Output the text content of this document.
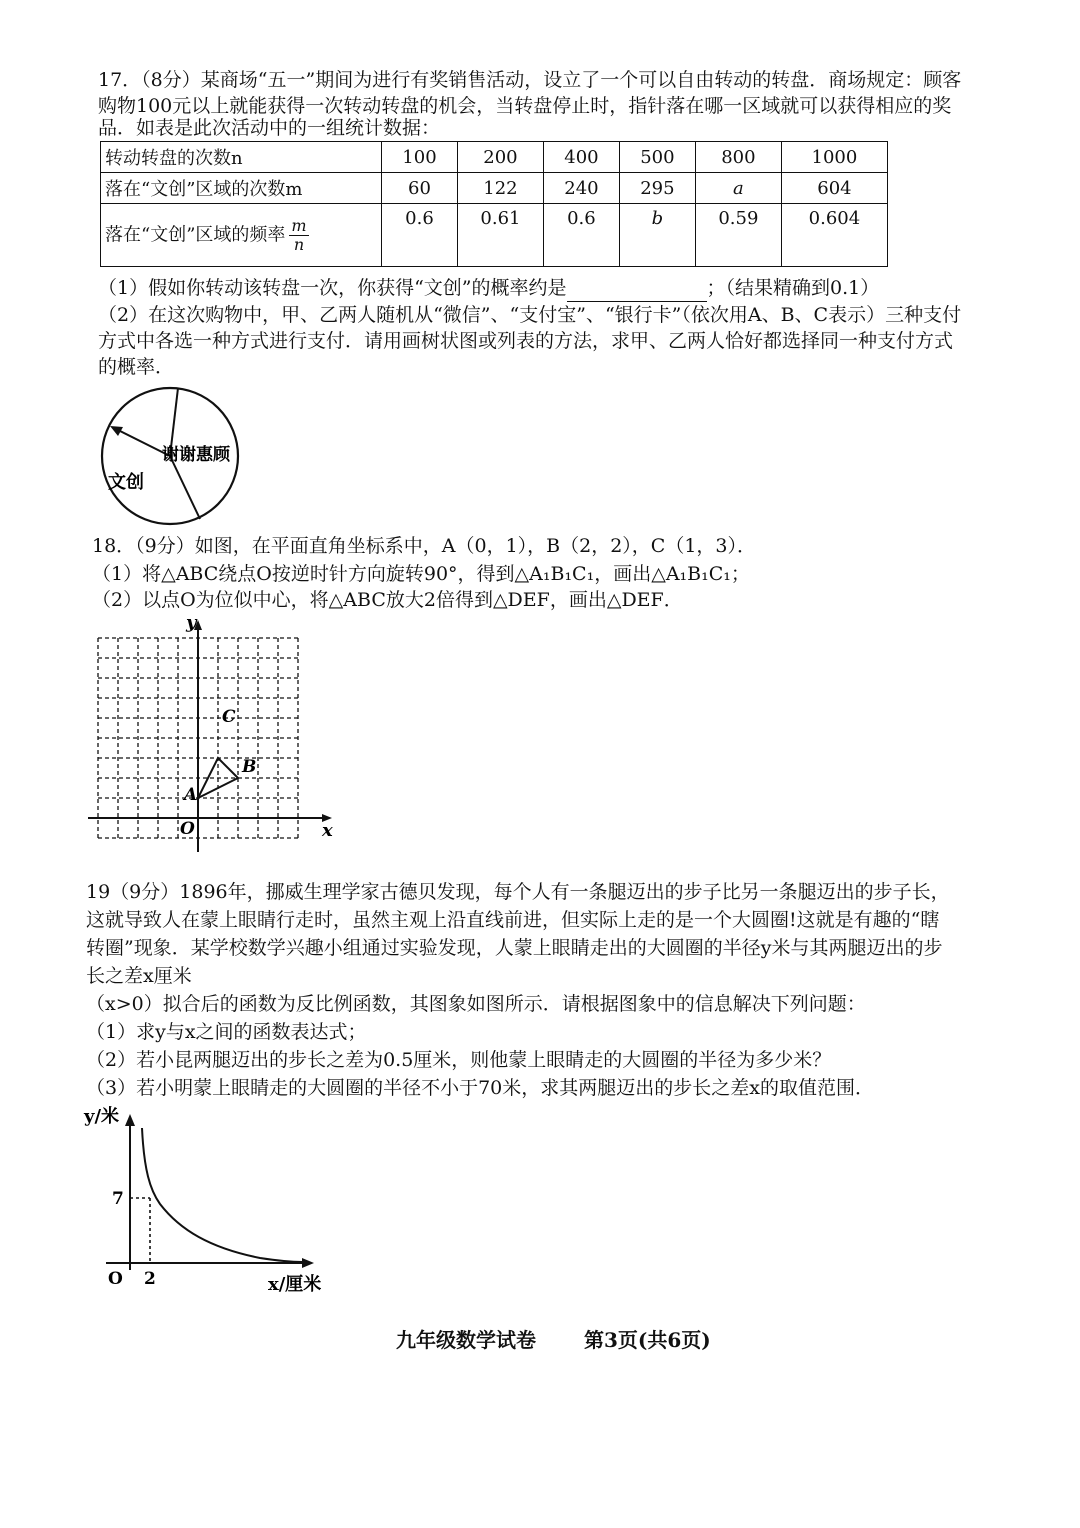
17．（8分）某商场“五一”期间为进行有奖销售活动，设立了一个可以自由转动的转盘．商场规定：顾客
购物100元以上就能获得一次转动转盘的机会，当转盘停止时，指针落在哪一区域就可以获得相应的奖
品．如表是此次活动中的一组统计数据：
转动转盘的次数n	100	200	400	500	800	1000
落在“文创”区域的次数m	60	122	240	295	a	604
落在“文创”区域的频率 $\frac{m}{n}$	0.6	0.61	0.6	b	0.59	0.604
（1）假如你转动该转盘一次，你获得“文创”的概率约是	；（结果精确到0.1）
（2）在这次购物中，甲、乙两人随机从“微信”、“支付宝”、“银行卡”（依次用A、B、C表示）三种支付
方式中各选一种方式进行支付．请用画树状图或列表的方法，求甲、乙两人恰好都选择同一种支付方式
的概率．
谢谢惠顾
文创
18．（9分）如图，在平面直角坐标系中，A（0，1），B（2，2），C（1，3）．
（1）将△ABC绕点O按逆时针方向旋转90°，得到△A₁B₁C₁，画出△A₁B₁C₁；
（2）以点O为位似中心，将△ABC放大2倍得到△DEF，画出△DEF．
y
x
O
A
B
C
19（9分）1896年，挪威生理学家古德贝发现，每个人有一条腿迈出的步子比另一条腿迈出的步子长，
这就导致人在蒙上眼睛行走时，虽然主观上沿直线前进，但实际上走的是一个大圆圈!这就是有趣的“瞎
转圈”现象．某学校数学兴趣小组通过实验发现，人蒙上眼睛走出的大圆圈的半径y米与其两腿迈出的步
长之差x厘米
（x>0）拟合后的函数为反比例函数，其图象如图所示．请根据图象中的信息解决下列问题：
（1）求y与x之间的函数表达式；
（2）若小昆两腿迈出的步长之差为0.5厘米，则他蒙上眼睛走的大圆圈的半径为多少米？
（3）若小明蒙上眼睛走的大圆圈的半径不小于70米，求其两腿迈出的步长之差x的取值范围．
y/米
x/厘米
7
2
O
九年级数学试卷 第3页(共6页)
